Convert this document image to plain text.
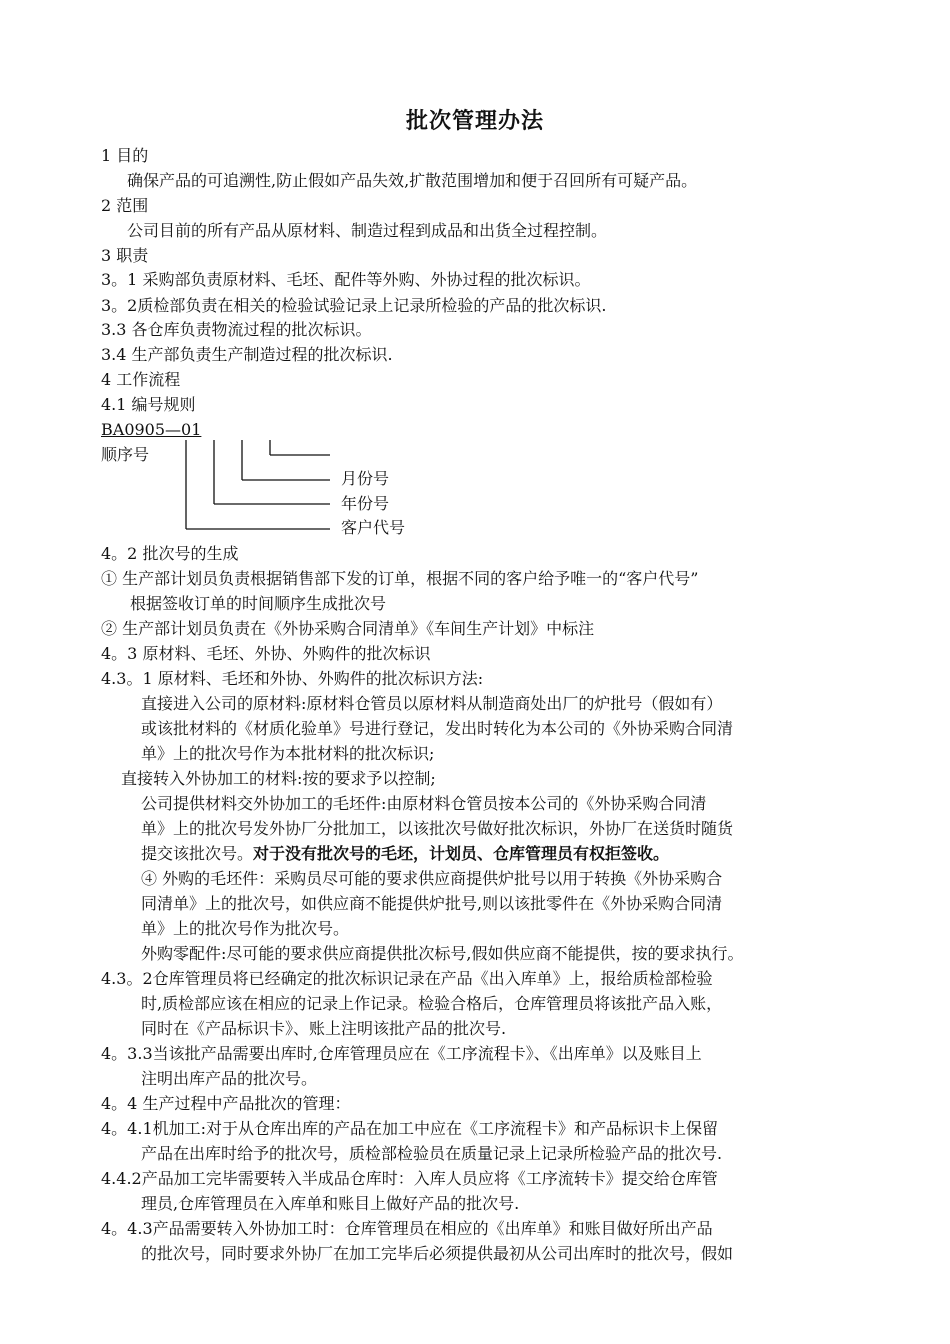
批次管理办法
1 目的
确保产品的可追溯性,防止假如产品失效,扩散范围增加和便于召回所有可疑产品。
2 范围
公司目前的所有产品从原材料、制造过程到成品和出货全过程控制。
3 职责
3。1 采购部负责原材料、毛坯、配件等外购、外协过程的批次标识。
3。2质检部负责在相关的检验试验记录上记录所检验的产品的批次标识.
3.3 各仓库负责物流过程的批次标识。
3.4 生产部负责生产制造过程的批次标识.
4 工作流程
4.1 编号规则
BA0905—01
顺序号
月份号
年份号
客户代号
4。2 批次号的生成
① 生产部计划员负责根据销售部下发的订单，根据不同的客户给予唯一的“客户代号”
根据签收订单的时间顺序生成批次号
② 生产部计划员负责在《外协采购合同清单》《车间生产计划》中标注
4。3 原材料、毛坯、外协、外购件的批次标识
4.3。1 原材料、毛坯和外协、外购件的批次标识方法:
直接进入公司的原材料:原材料仓管员以原材料从制造商处出厂的炉批号（假如有）
或该批材料的《材质化验单》号进行登记，发出时转化为本公司的《外协采购合同清
单》上的批次号作为本批材料的批次标识;
直接转入外协加工的材料:按的要求予以控制;
公司提供材料交外协加工的毛坯件:由原材料仓管员按本公司的《外协采购合同清
单》上的批次号发外协厂分批加工，以该批次号做好批次标识，外协厂在送货时随货
提交该批次号。对于没有批次号的毛坯，计划员、仓库管理员有权拒签收。
④ 外购的毛坯件：采购员尽可能的要求供应商提供炉批号以用于转换《外协采购合
同清单》上的批次号，如供应商不能提供炉批号,则以该批零件在《外协采购合同清
单》上的批次号作为批次号。
外购零配件:尽可能的要求供应商提供批次标号,假如供应商不能提供，按的要求执行。
4.3。2仓库管理员将已经确定的批次标识记录在产品《出入库单》上，报给质检部检验
时,质检部应该在相应的记录上作记录。检验合格后，仓库管理员将该批产品入账，
同时在《产品标识卡》、账上注明该批产品的批次号.
4。3.3当该批产品需要出库时,仓库管理员应在《工序流程卡》、《出库单》以及账目上
注明出库产品的批次号。
4。4 生产过程中产品批次的管理：
4。4.1机加工:对于从仓库出库的产品在加工中应在《工序流程卡》和产品标识卡上保留
产品在出库时给予的批次号，质检部检验员在质量记录上记录所检验产品的批次号.
4.4.2产品加工完毕需要转入半成品仓库时：入库人员应将《工序流转卡》提交给仓库管
理员,仓库管理员在入库单和账目上做好产品的批次号.
4。4.3产品需要转入外协加工时：仓库管理员在相应的《出库单》和账目做好所出产品
的批次号，同时要求外协厂在加工完毕后必须提供最初从公司出库时的批次号，假如
